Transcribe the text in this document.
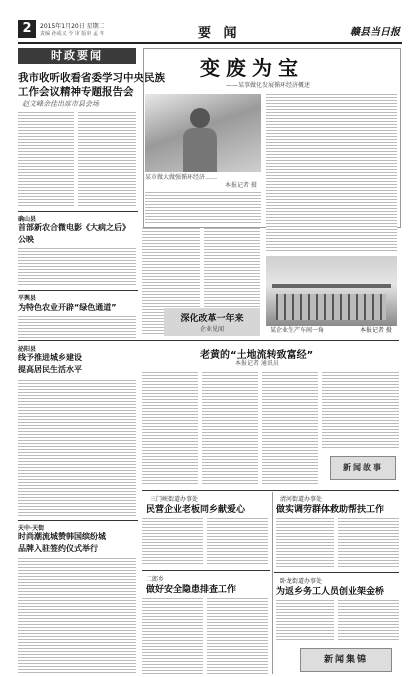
2	2015年1月20日 星期二
责编 孙成义 今 审 版审 孟 冬	要 闻	赣县当日报
时政要闻
我市收听收看省委学习中央民族
工作会议精神专题报告会
赵文峰余佳出席市县会场
确山县
首部新农合微电影《大病之后》
公映
平舆县
为特色农业开辟“绿色通道”
变废为宝
——某事做化发展循环经济概述
某市做大做强循环经济……
本报记者 摄
深化改革一年来
企业见闻	某企业生产车间一角	本报记者 摄
泌阳县
线予推进城乡建设
提高居民生活水平
天中·天街
时尚潮流城赞韩国缤纷城
品牌入驻签约仪式举行
老黄的“土地流转致富经”
本报记者 通讯员
新闻故事
三门峡街道办事处
民营企业老板同乡献爱心
二郎乡
做好安全隐患排查工作
清河街道办事处
做实调劳群体救助帮扶工作
卧龙街道办事处
为返乡务工人员创业架金桥
新闻集锦
